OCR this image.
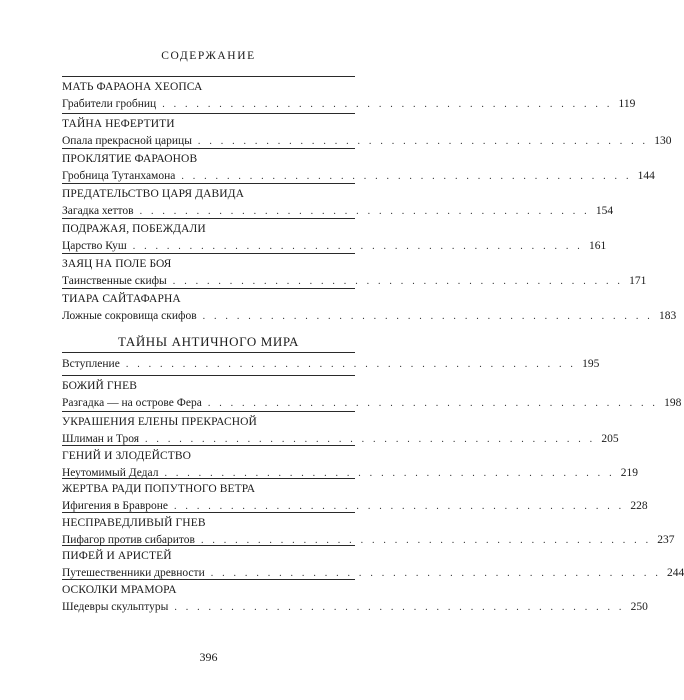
СОДЕРЖАНИЕ
МАТЬ ФАРАОНА ХЕОПСА
Грабители гробниц . . . . . . . . . . . . . . . . . . . . . . . . . . . . . . . . . . . . . . . . 119
ТАЙНА НЕФЕРТИТИ
Опала прекрасной царицы . . . . . . . . . . . . . . . . . . . . . . . . . . . . . . . . . . . . . . . . 130
ПРОКЛЯТИЕ ФАРАОНОВ
Гробница Тутанхамона . . . . . . . . . . . . . . . . . . . . . . . . . . . . . . . . . . . . . . . . 144
ПРЕДАТЕЛЬСТВО ЦАРЯ ДАВИДА
Загадка хеттов . . . . . . . . . . . . . . . . . . . . . . . . . . . . . . . . . . . . . . . . 154
ПОДРАЖАЯ, ПОБЕЖДАЛИ
Царство Куш . . . . . . . . . . . . . . . . . . . . . . . . . . . . . . . . . . . . . . . . 161
ЗАЯЦ НА ПОЛЕ БОЯ
Таинственные скифы . . . . . . . . . . . . . . . . . . . . . . . . . . . . . . . . . . . . . . . . 171
ТИАРА САЙТАФАРНА
Ложные сокровища скифов . . . . . . . . . . . . . . . . . . . . . . . . . . . . . . . . . . . . . . . . 183
ТАЙНЫ АНТИЧНОГО МИРА
Вступление . . . . . . . . . . . . . . . . . . . . . . . . . . . . . . . . . . . . . . . . 195
БОЖИЙ ГНЕВ
Разгадка — на острове Фера . . . . . . . . . . . . . . . . . . . . . . . . . . . . . . . . . . . . . . . . 198
УКРАШЕНИЯ ЕЛЕНЫ ПРЕКРАСНОЙ
Шлиман и Троя . . . . . . . . . . . . . . . . . . . . . . . . . . . . . . . . . . . . . . . . 205
ГЕНИЙ И ЗЛОДЕЙСТВО
Неутомимый Дедал . . . . . . . . . . . . . . . . . . . . . . . . . . . . . . . . . . . . . . . . 219
ЖЕРТВА РАДИ ПОПУТНОГО ВЕТРА
Ифигения в Бравроне . . . . . . . . . . . . . . . . . . . . . . . . . . . . . . . . . . . . . . . . 228
НЕСПРАВЕДЛИВЫЙ ГНЕВ
Пифагор против сибаритов . . . . . . . . . . . . . . . . . . . . . . . . . . . . . . . . . . . . . . . . 237
ПИФЕЙ И АРИСТЕЙ
Путешественники древности . . . . . . . . . . . . . . . . . . . . . . . . . . . . . . . . . . . . . . . . 244
ОСКОЛКИ МРАМОРА
Шедевры скульптуры . . . . . . . . . . . . . . . . . . . . . . . . . . . . . . . . . . . . . . . . 250
396
